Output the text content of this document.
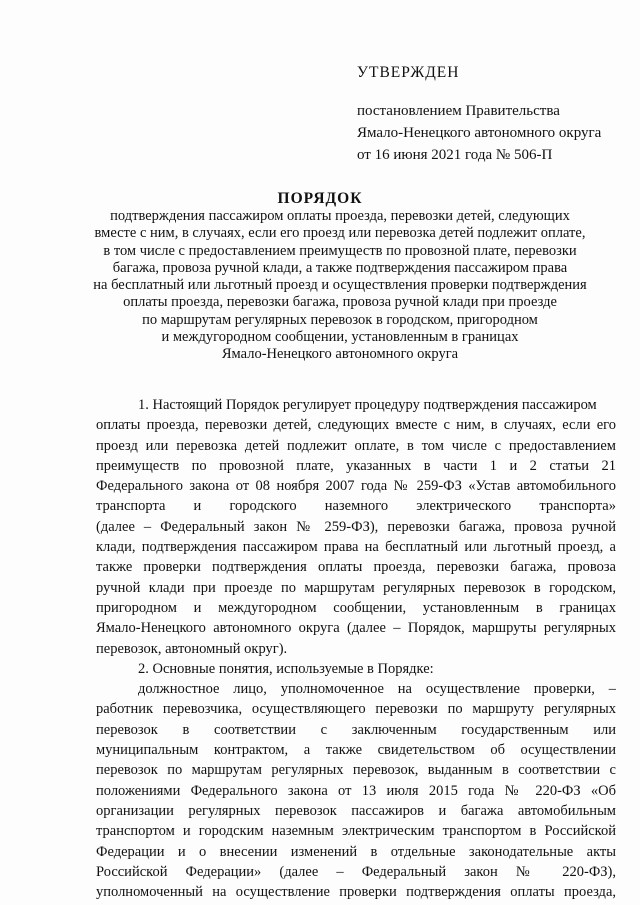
УТВЕРЖДЕН
постановлением Правительства
Ямало-Ненецкого автономного округа
от 16 июня 2021 года № 506-П
ПОРЯДОК
подтверждения пассажиром оплаты проезда, перевозки детей, следующих
вместе с ним, в случаях, если его проезд или перевозка детей подлежит оплате,
в том числе с предоставлением преимуществ по провозной плате, перевозки
багажа, провоза ручной клади, а также подтверждения пассажиром права
на бесплатный или льготный проезд и осуществления проверки подтверждения
оплаты проезда, перевозки багажа, провоза ручной клади при проезде
по маршрутам регулярных перевозок в городском, пригородном
и междугородном сообщении, установленным в границах
Ямало-Ненецкого автономного округа
1. Настоящий Порядок регулирует процедуру подтверждения пассажиром
оплаты проезда, перевозки детей, следующих вместе с ним, в случаях, если его
проезд или перевозка детей подлежит оплате, в том числе с предоставлением
преимуществ по провозной плате, указанных в части 1 и 2 статьи 21
Федерального закона от 08 ноября 2007 года № 259-ФЗ «Устав автомобильного
транспорта и городского наземного электрического транспорта»
(далее – Федеральный закон № 259-ФЗ), перевозки багажа, провоза ручной
клади, подтверждения пассажиром права на бесплатный или льготный проезд, а
также проверки подтверждения оплаты проезда, перевозки багажа, провоза
ручной клади при проезде по маршрутам регулярных перевозок в городском,
пригородном и междугородном сообщении, установленным в границах
Ямало-Ненецкого автономного округа (далее – Порядок, маршруты регулярных
перевозок, автономный округ).
2. Основные понятия, используемые в Порядке:
должностное лицо, уполномоченное на осуществление проверки, –
работник перевозчика, осуществляющего перевозки по маршруту регулярных
перевозок в соответствии с заключенным государственным или
муниципальным контрактом, а также свидетельством об осуществлении
перевозок по маршрутам регулярных перевозок, выданным в соответствии с
положениями Федерального закона от 13 июля 2015 года № 220-ФЗ «Об
организации регулярных перевозок пассажиров и багажа автомобильным
транспортом и городским наземным электрическим транспортом в Российской
Федерации и о внесении изменений в отдельные законодательные акты
Российской Федерации» (далее – Федеральный закон № 220-ФЗ),
уполномоченный на осуществление проверки подтверждения оплаты проезда,
